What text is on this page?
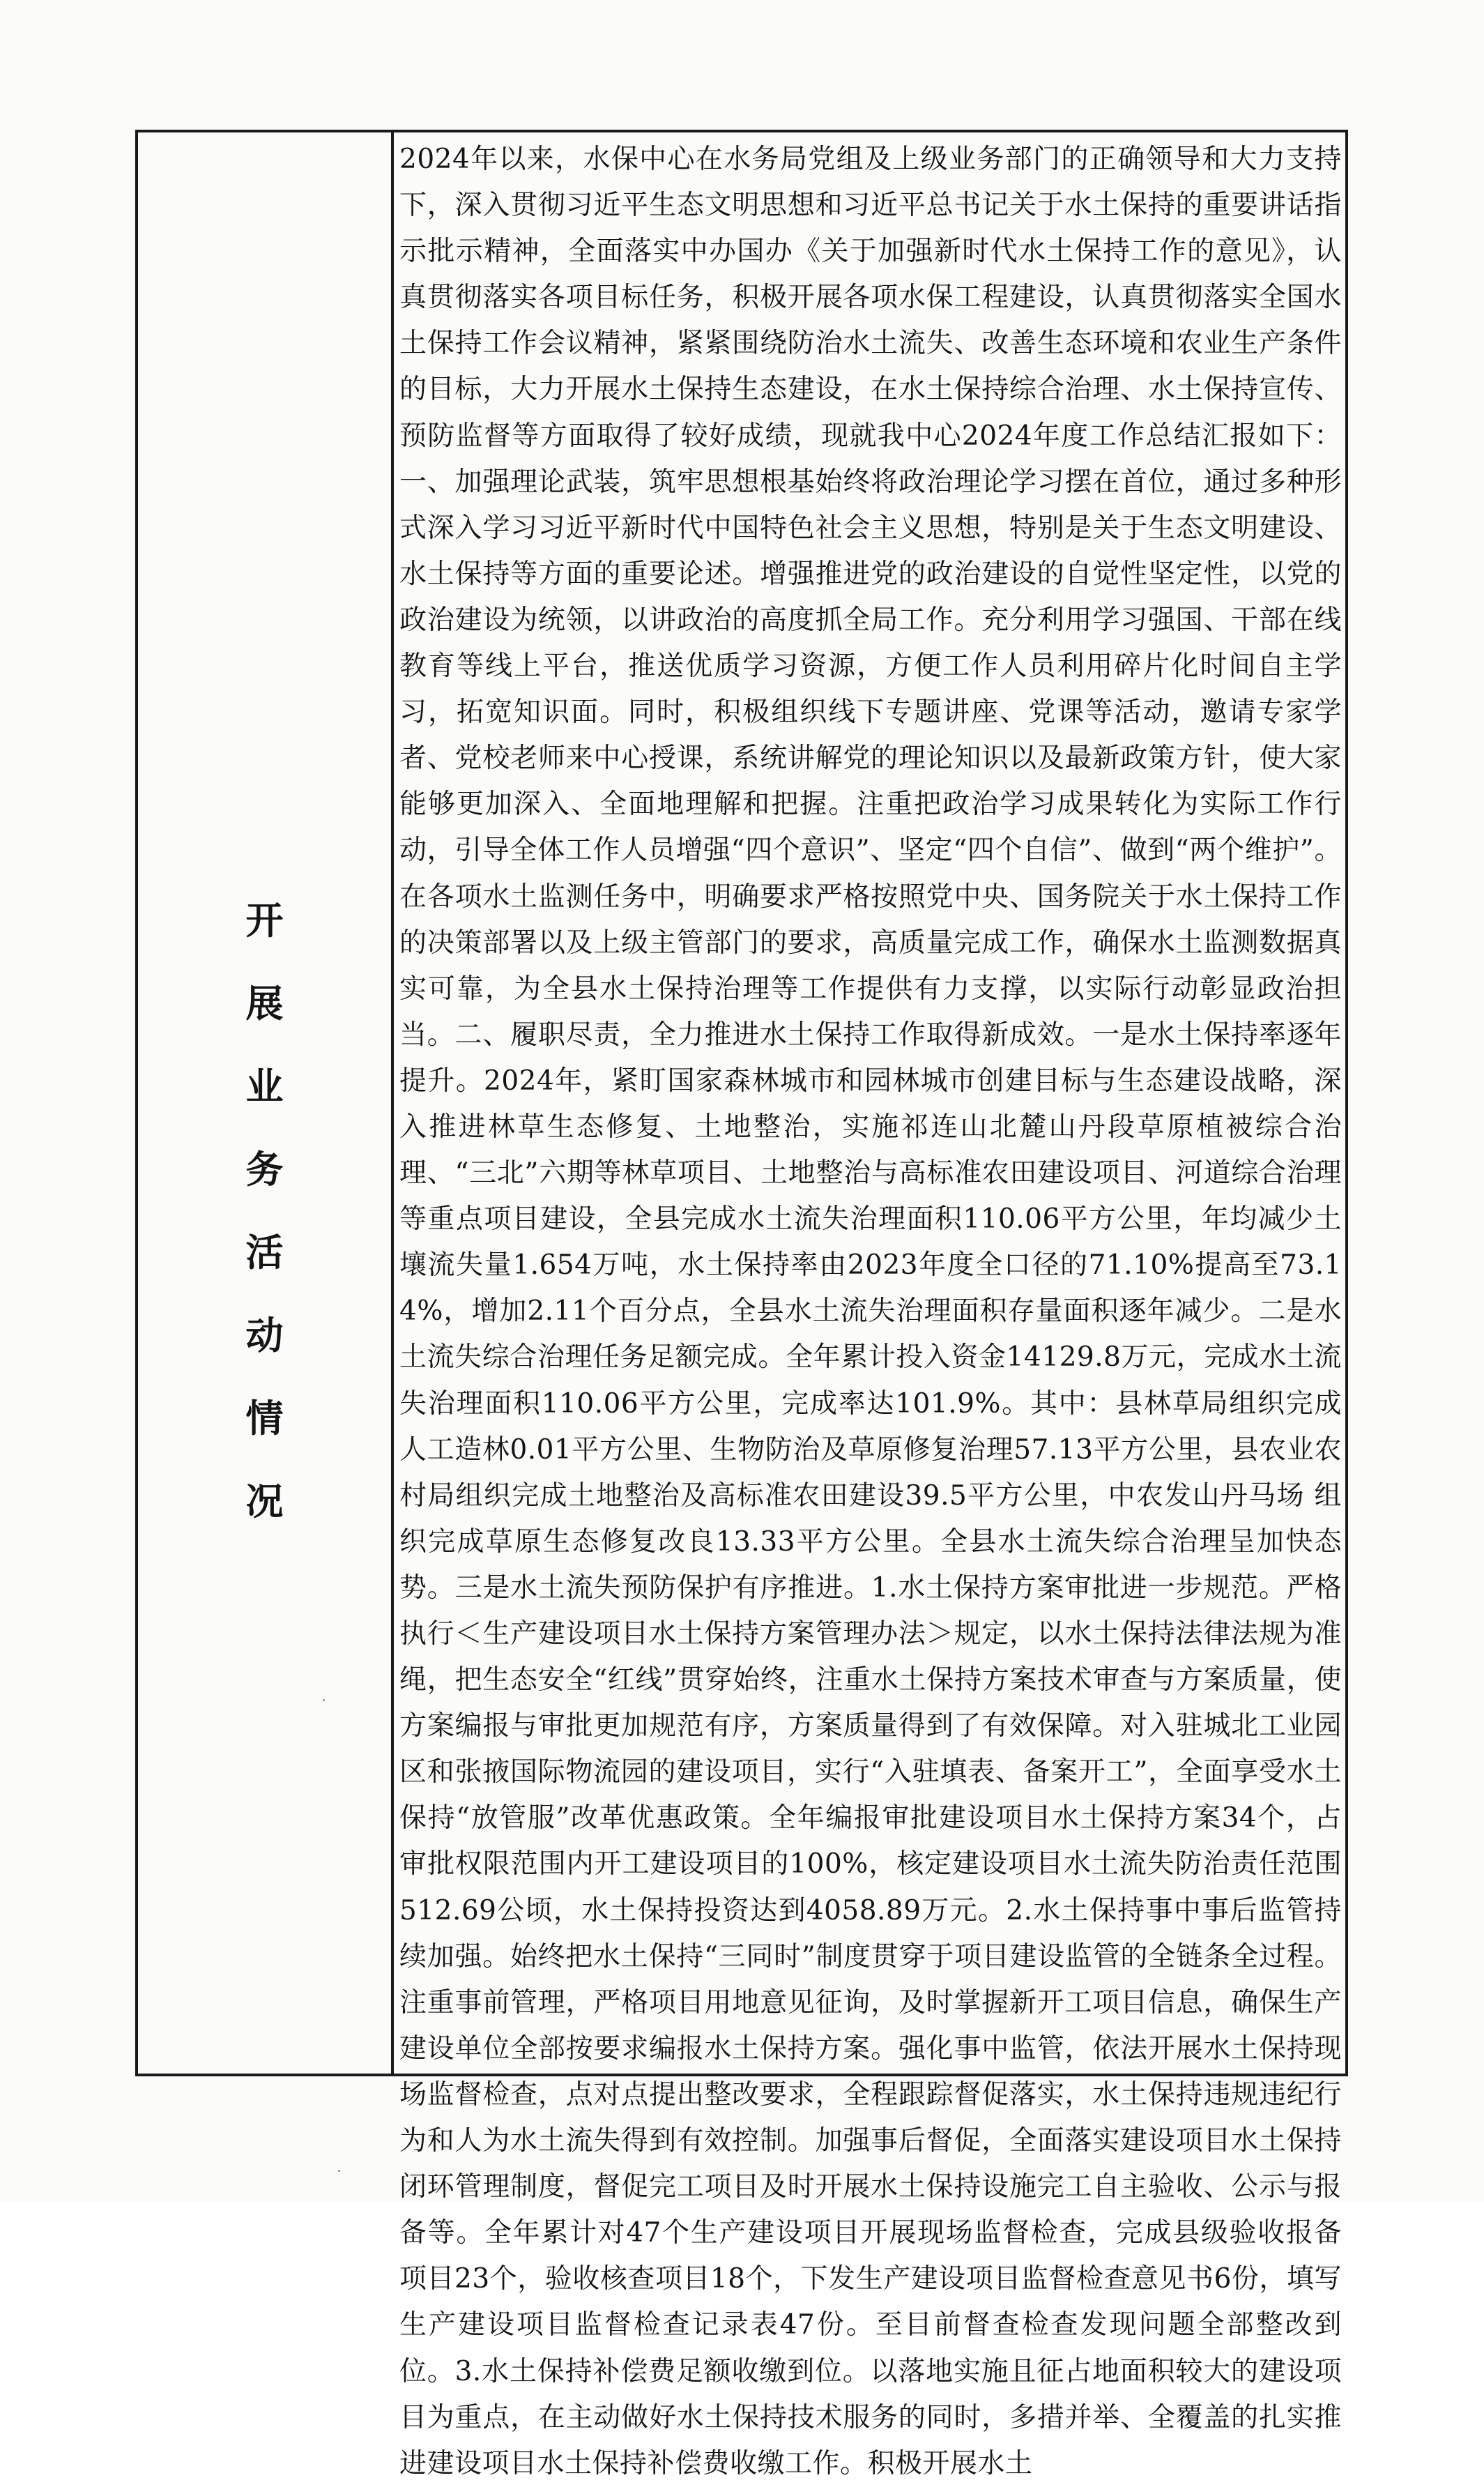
开
展
业
务
活
动
情
况

2024年以来，水保中心在水务局党组及上级业务部门的正确领导和大力支持下，深入贯彻习近平生态文明思想和习近平总书记关于水土保持的重要讲话指示批示精神，全面落实中办国办《关于加强新时代水土保持工作的意见》，认真贯彻落实各项目标任务，积极开展各项水保工程建设，认真贯彻落实全国水土保持工作会议精神，紧紧围绕防治水土流失、改善生态环境和农业生产条件的目标，大力开展水土保持生态建设，在水土保持综合治理、水土保持宣传、预防监督等方面取得了较好成绩，现就我中心2024年度工作总结汇报如下：一、加强理论武装，筑牢思想根基始终将政治理论学习摆在首位，通过多种形式深入学习习近平新时代中国特色社会主义思想，特别是关于生态文明建设、水土保持等方面的重要论述。增强推进党的政治建设的自觉性坚定性，以党的政治建设为统领，以讲政治的高度抓全局工作。充分利用学习强国、干部在线教育等线上平台，推送优质学习资源，方便工作人员利用碎片化时间自主学习，拓宽知识面。同时，积极组织线下专题讲座、党课等活动，邀请专家学者、党校老师来中心授课，系统讲解党的理论知识以及最新政策方针，使大家能够更加深入、全面地理解和把握。注重把政治学习成果转化为实际工作行动，引导全体工作人员增强“四个意识”、坚定“四个自信”、做到“两个维护”。在各项水土监测任务中，明确要求严格按照党中央、国务院关于水土保持工作的决策部署以及上级主管部门的要求，高质量完成工作，确保水土监测数据真实可靠，为全县水土保持治理等工作提供有力支撑，以实际行动彰显政治担当。二、履职尽责，全力推进水土保持工作取得新成效。一是水土保持率逐年提升。2024年，紧盯国家森林城市和园林城市创建目标与生态建设战略，深入推进林草生态修复、土地整治，实施祁连山北麓山丹段草原植被综合治理、“三北”六期等林草项目、土地整治与高标准农田建设项目、河道综合治理等重点项目建设，全县完成水土流失治理面积110.06平方公里，年均减少土壤流失量1.654万吨，水土保持率由2023年度全口径的71.10%提高至73.14%，增加2.11个百分点，全县水土流失治理面积存量面积逐年减少。二是水土流失综合治理任务足额完成。全年累计投入资金14129.8万元，完成水土流失治理面积110.06平方公里，完成率达101.9%。其中：县林草局组织完成人工造林0.01平方公里、生物防治及草原修复治理57.13平方公里，县农业农村局组织完成土地整治及高标准农田建设39.5平方公里，中农发山丹马场 组织完成草原生态修复改良13.33平方公里。全县水土流失综合治理呈加快态势。三是水土流失预防保护有序推进。1.水土保持方案审批进一步规范。严格执行＜生产建设项目水土保持方案管理办法＞规定，以水土保持法律法规为准绳，把生态安全“红线”贯穿始终，注重水土保持方案技术审查与方案质量，使方案编报与审批更加规范有序，方案质量得到了有效保障。对入驻城北工业园区和张掖国际物流园的建设项目，实行“入驻填表、备案开工”，全面享受水土保持“放管服”改革优惠政策。全年编报审批建设项目水土保持方案34个，占审批权限范围内开工建设项目的100%，核定建设项目水土流失防治责任范围512.69公顷，水土保持投资达到4058.89万元。2.水土保持事中事后监管持续加强。始终把水土保持“三同时”制度贯穿于项目建设监管的全链条全过程。注重事前管理，严格项目用地意见征询，及时掌握新开工项目信息，确保生产建设单位全部按要求编报水土保持方案。强化事中监管，依法开展水土保持现场监督检查，点对点提出整改要求，全程跟踪督促落实，水土保持违规违纪行为和人为水土流失得到有效控制。加强事后督促，全面落实建设项目水土保持闭环管理制度，督促完工项目及时开展水土保持设施完工自主验收、公示与报备等。全年累计对47个生产建设项目开展现场监督检查，完成县级验收报备项目23个，验收核查项目18个，下发生产建设项目监督检查意见书6份，填写生产建设项目监督检查记录表47份。至目前督查检查发现问题全部整改到位。3.水土保持补偿费足额收缴到位。以落地实施且征占地面积较大的建设项目为重点，在主动做好水土保持技术服务的同时，多措并举、全覆盖的扎实推进建设项目水土保持补偿费收缴工作。积极开展水土
